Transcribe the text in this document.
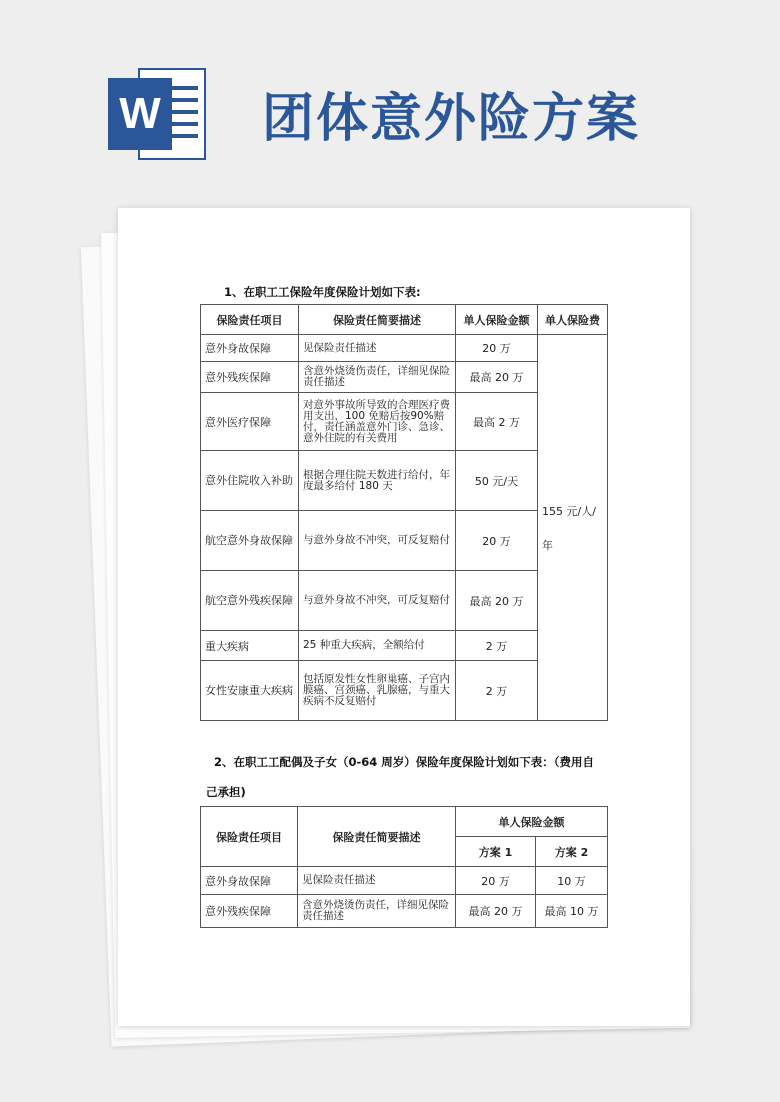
W 团体意外险方案
1、在职工工保险年度保险计划如下表:
保险责任项目	保险责任简要描述	单人保险金额	单人保险费
意外身故保障	见保险责任描述	20 万	155 元/人/
年

意外残疾保障	含意外烧烫伤责任，详细见保险责任描述	最高 20 万	
意外医疗保障	对意外事故所导致的合理医疗费用支出，100 免赔后按90%赔付，责任涵盖意外门诊、急诊、意外住院的有关费用	最高 2 万	
意外住院收入补助	根据合理住院天数进行给付，年度最多给付 180 天	50 元/天	
航空意外身故保障	与意外身故不冲突，可反复赔付	20 万	
航空意外残疾保障	与意外身故不冲突，可反复赔付	最高 20 万	
重大疾病	25 种重大疾病，全额给付	2 万	
女性安康重大疾病	包括原发性女性卵巢癌、子宫内膜癌、宫颈癌、乳腺癌，与重大疾病不反复赔付	2 万	
2、在职工工配偶及子女（0-64 周岁）保险年度保险计划如下表：（费用自
己承担)
保险责任项目	保险责任简要描述	单人保险金额	
		方案 1	方案 2
意外身故保障	见保险责任描述	20 万	10 万
意外残疾保障	含意外烧烫伤责任，详细见保险责任描述	最高 20 万	最高 10 万
